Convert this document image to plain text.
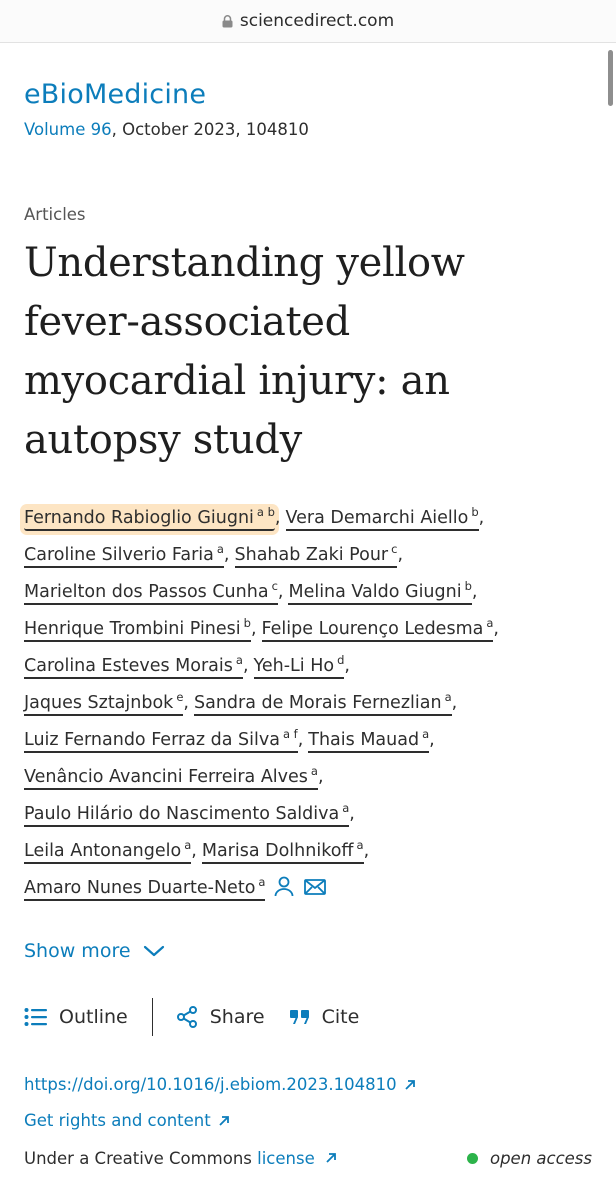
sciencedirect.com
eBioMedicine
Volume 96, October 2023, 104810
Articles
Understanding yellow
fever-associated
myocardial injury: an
autopsy study
Fernando Rabioglio Giugni $^{a b}$, Vera Demarchi Aiello $^b$,
Caroline Silverio Faria $^a$, Shahab Zaki Pour $^c$,
Marielton dos Passos Cunha $^c$, Melina Valdo Giugni $^b$,
Henrique Trombini Pinesi $^b$, Felipe Lourenço Ledesma $^a$,
Carolina Esteves Morais $^a$, Yeh-Li Ho $^d$,
Jaques Sztajnbok $^e$, Sandra de Morais Fernezlian $^a$,
Luiz Fernando Ferraz da Silva $^{a f}$, Thais Mauad $^a$,
Venâncio Avancini Ferreira Alves $^a$,
Paulo Hilário do Nascimento Saldiva $^a$,
Leila Antonangelo $^a$, Marisa Dolhnikoff $^a$,
Amaro Nunes Duarte-Neto $^a$
Show more
Outline	Share	Cite
https://doi.org/10.1016/j.ebiom.2023.104810
Get rights and content
Under a Creative Commons license	open access
